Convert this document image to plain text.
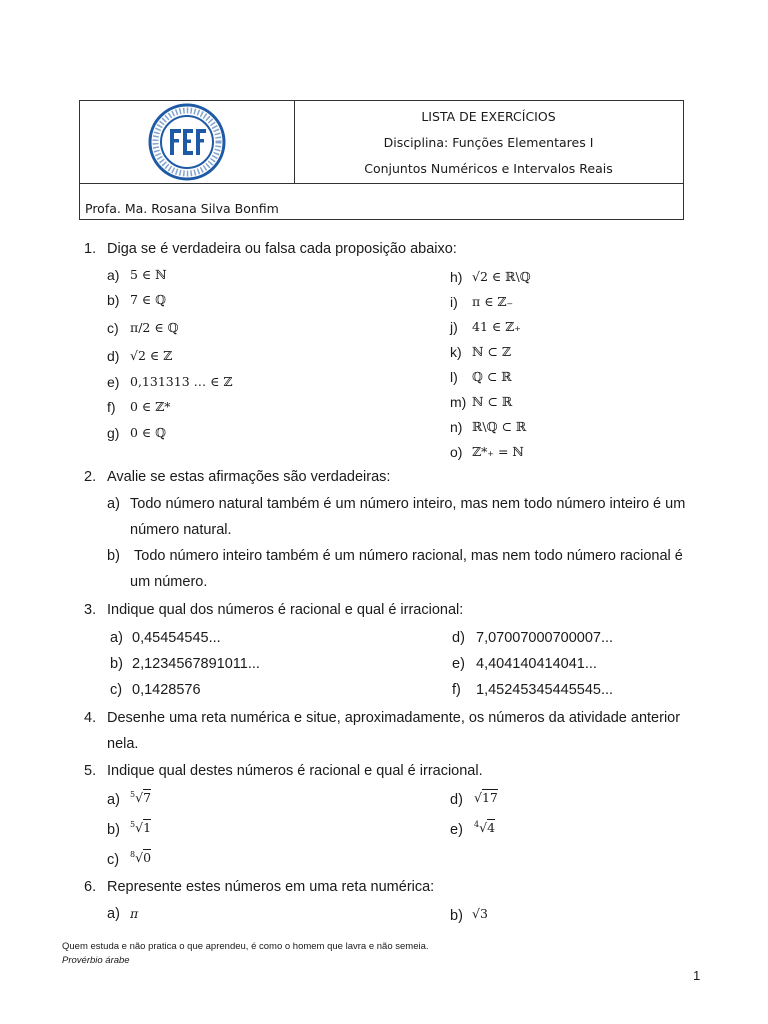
LISTA DE EXERCÍCIOS
Disciplina: Funções Elementares I
Conjuntos Numéricos e Intervalos Reais
Profa. Ma. Rosana Silva Bonfim
1. Diga se é verdadeira ou falsa cada proposição abaixo:
a) 5 ∈ ℕ
b) 7 ∈ ℚ
c) π/2 ∈ ℚ
d) √2 ∈ ℤ
e) 0,131313 … ∈ ℤ
f) 0 ∈ ℤ*
g) 0 ∈ ℚ
h) √2 ∈ ℝ\ℚ
i) π ∈ ℤ₋
j) 41 ∈ ℤ₊
k) ℕ ⊂ ℤ
l) ℚ ⊂ ℝ
m) ℕ ⊂ ℝ
n) ℝ\ℚ ⊂ ℝ
o) ℤ*₊ = ℕ
2. Avalie se estas afirmações são verdadeiras:
a) Todo número natural também é um número inteiro, mas nem todo número inteiro é um
número natural.
b) Todo número inteiro também é um número racional, mas nem todo número racional é
um número.
3. Indique qual dos números é racional e qual é irracional:
a) 0,45454545...
b) 2,1234567891011...
c) 0,1428576
d) 7,07007000700007...
e) 4,404140414041...
f) 1,45245345445545...
4. Desenhe uma reta numérica e situe, aproximadamente, os números da atividade anterior
nela.
5. Indique qual destes números é racional e qual é irracional.
a) $^5$√7
b) $^5$√1
c) $^8$√0
d) √17
e) $^4$√4
6. Represente estes números em uma reta numérica:
a) π	b) √3
Quem estuda e não pratica o que aprendeu, é como o homem que lavra e não semeia.
Provérbio árabe
1
